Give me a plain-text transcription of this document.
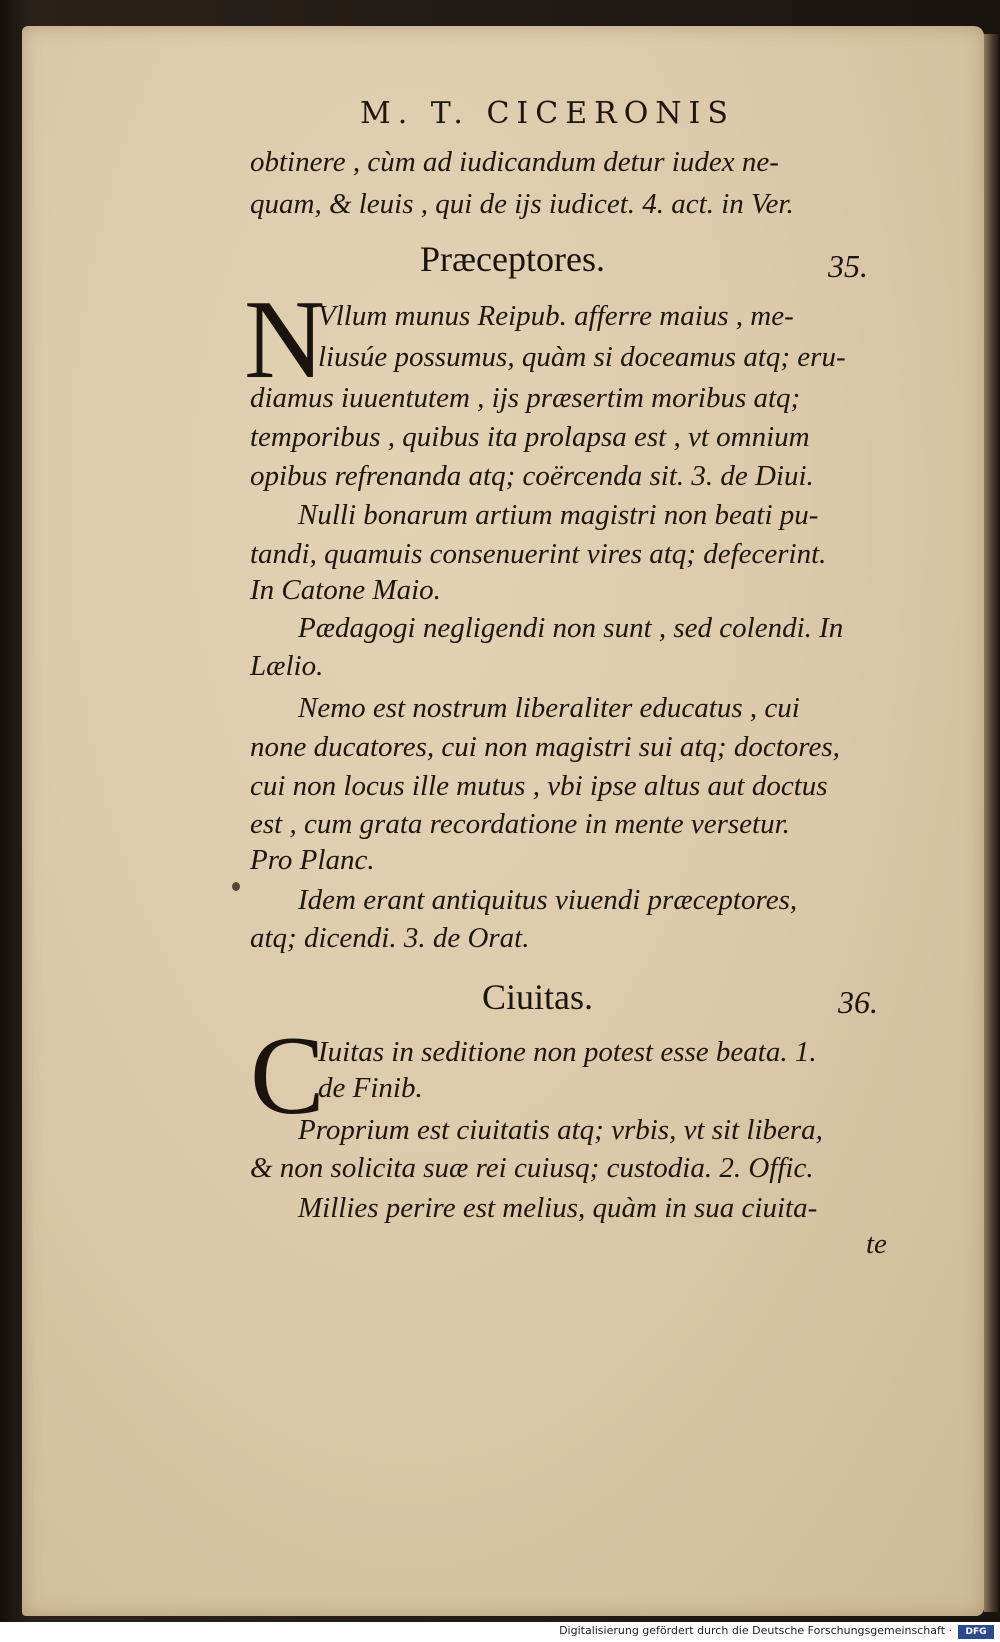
M. T. CICERONIS
obtinere , cùm ad iudicandum detur iudex ne-
quam, & leuis , qui de ijs iudicet. 4. act. in Ver.
Præceptores.	35.
N
Vllum munus Reipub. afferre maius , me-
liusúe possumus, quàm si doceamus atq; eru-
diamus iuuentutem , ijs præsertim moribus atq;
temporibus , quibus ita prolapsa est , vt omnium
opibus refrenanda atq; coërcenda sit. 3. de Diui.
Nulli bonarum artium magistri non beati pu-
tandi, quamuis consenuerint vires atq; defecerint.
In Catone Maio.
Pædagogi negligendi non sunt , sed colendi. In
Lælio.
Nemo est nostrum liberaliter educatus , cui
none ducatores, cui non magistri sui atq; doctores,
cui non locus ille mutus , vbi ipse altus aut doctus
est , cum grata recordatione in mente versetur.
Pro Planc.
Idem erant antiquitus viuendi præceptores,
atq; dicendi. 3. de Orat.
Ciuitas.	36.
C
Iuitas in seditione non potest esse beata. 1.
de Finib.
Proprium est ciuitatis atq; vrbis, vt sit libera,
& non solicita suæ rei cuiusq; custodia. 2. Offic.
Millies perire est melius, quàm in sua ciuita-
te
Digitalisierung gefördert durch die Deutsche Forschungsgemeinschaft ·	DFG
